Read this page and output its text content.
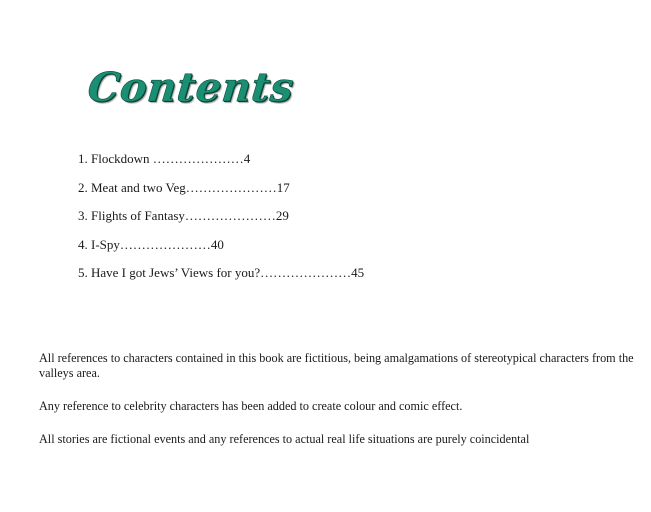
Contents
1. Flockdown …………………4
2. Meat and two Veg…………………17
3. Flights of Fantasy…………………29
4. I-Spy…………………40
5. Have I got Jews’ Views for you?…………………45

All references to characters contained in this book are fictitious, being amalgamations of stereotypical characters from the valleys area.

Any reference to celebrity characters has been added to create colour and comic effect.

All stories are fictional events and any references to actual real life situations are purely coincidental
